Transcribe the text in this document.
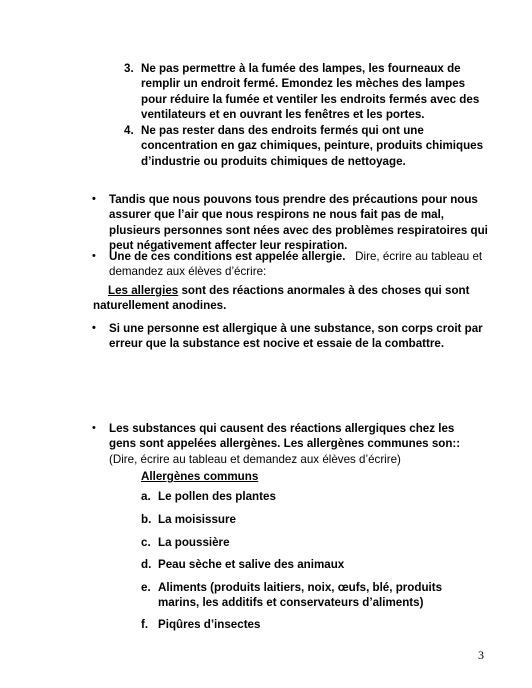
3. Ne pas permettre à la fumée des lampes, les fourneaux de remplir un endroit fermé. Emondez les mèches des lampes pour réduire la fumée et ventiler les endroits fermés avec des ventilateurs et en ouvrant les fenêtres et les portes.
4. Ne pas rester dans des endroits fermés qui ont une concentration en gaz chimiques, peinture, produits chimiques d’industrie ou produits chimiques de nettoyage.
• Tandis que nous pouvons tous prendre des précautions pour nous assurer que l’air que nous respirons ne nous fait pas de mal, plusieurs personnes sont nées avec des problèmes respiratoires qui peut négativement affecter leur respiration.
• Une de ces conditions est appelée allergie. Dire, écrire au tableau et demandez aux élèves d’écrire:
Les allergies sont des réactions anormales à des choses qui sont naturellement anodines.
• Si une personne est allergique à une substance, son corps croit par erreur que la substance est nocive et essaie de la combattre.
• Les substances qui causent des réactions allergiques chez les gens sont appelées allergènes. Les allergènes communes son::   (Dire, écrire au tableau et demandez aux élèves d’écrire)
Allergènes communs
a. Le pollen des plantes
b. La moisissure
c. La poussière
d. Peau sèche et salive des animaux
e. Aliments (produits laitiers, noix, œufs, blé, produits marins, les additifs et conservateurs d’aliments)
f. Piqûres d’insectes
3
